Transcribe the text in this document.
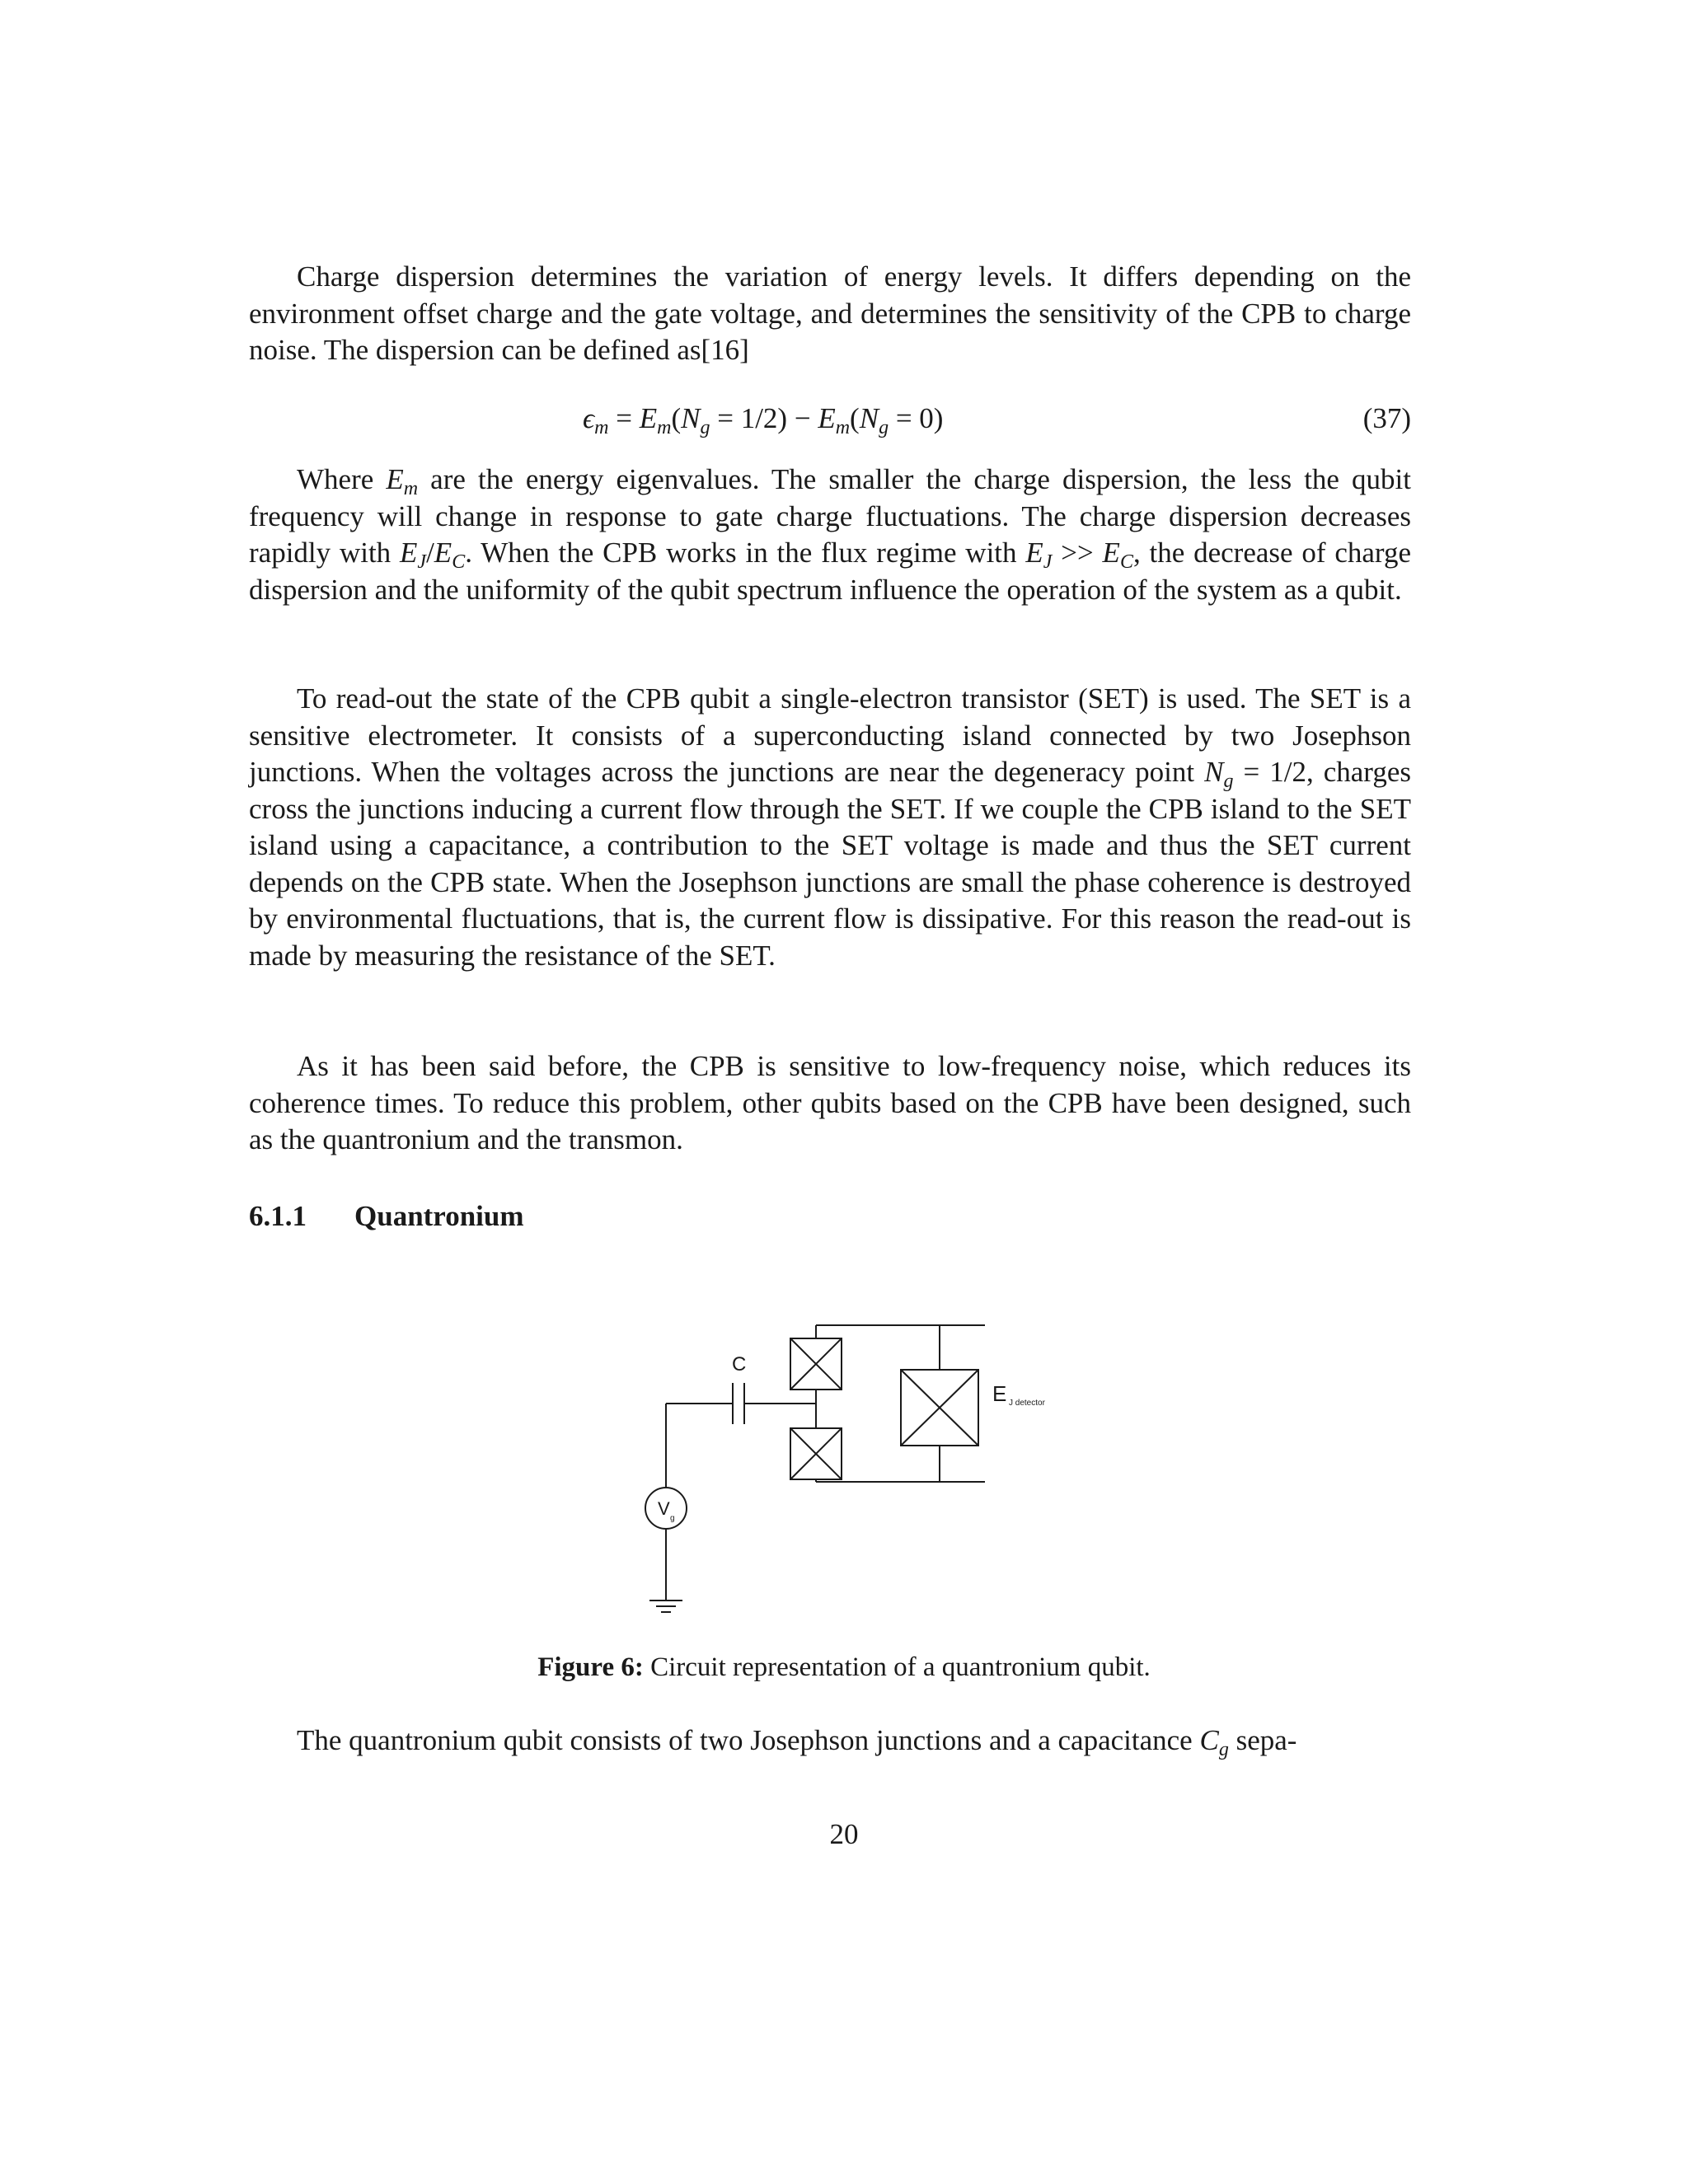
Charge dispersion determines the variation of energy levels. It differs depending on the environment offset charge and the gate voltage, and determines the sensitivity of the CPB to charge noise. The dispersion can be defined as[16]

$\epsilon_m = E_m(N_g = 1/2) - E_m(N_g = 0)$	(37)

Where $E_m$ are the energy eigenvalues. The smaller the charge dispersion, the less the qubit frequency will change in response to gate charge fluctuations. The charge dispersion decreases rapidly with $E_J/E_C$. When the CPB works in the flux regime with $E_J >> E_C$, the decrease of charge dispersion and the uniformity of the qubit spectrum influence the operation of the system as a qubit.

To read-out the state of the CPB qubit a single-electron transistor (SET) is used. The SET is a sensitive electrometer. It consists of a superconducting island connected by two Josephson junctions. When the voltages across the junctions are near the degeneracy point $N_g = 1/2$, charges cross the junctions inducing a current flow through the SET. If we couple the CPB island to the SET island using a capacitance, a contribution to the SET voltage is made and thus the SET current depends on the CPB state. When the Josephson junctions are small the phase coherence is destroyed by environmental fluctuations, that is, the current flow is dissipative. For this reason the read-out is made by measuring the resistance of the SET.

As it has been said before, the CPB is sensitive to low-frequency noise, which reduces its coherence times. To reduce this problem, other qubits based on the CPB have been designed, such as the quantronium and the transmon.

6.1.1 Quantronium
C
E J detector
V g
Figure 6: Circuit representation of a quantronium qubit.

The quantronium qubit consists of two Josephson junctions and a capacitance $C_g$ sepa-

20
